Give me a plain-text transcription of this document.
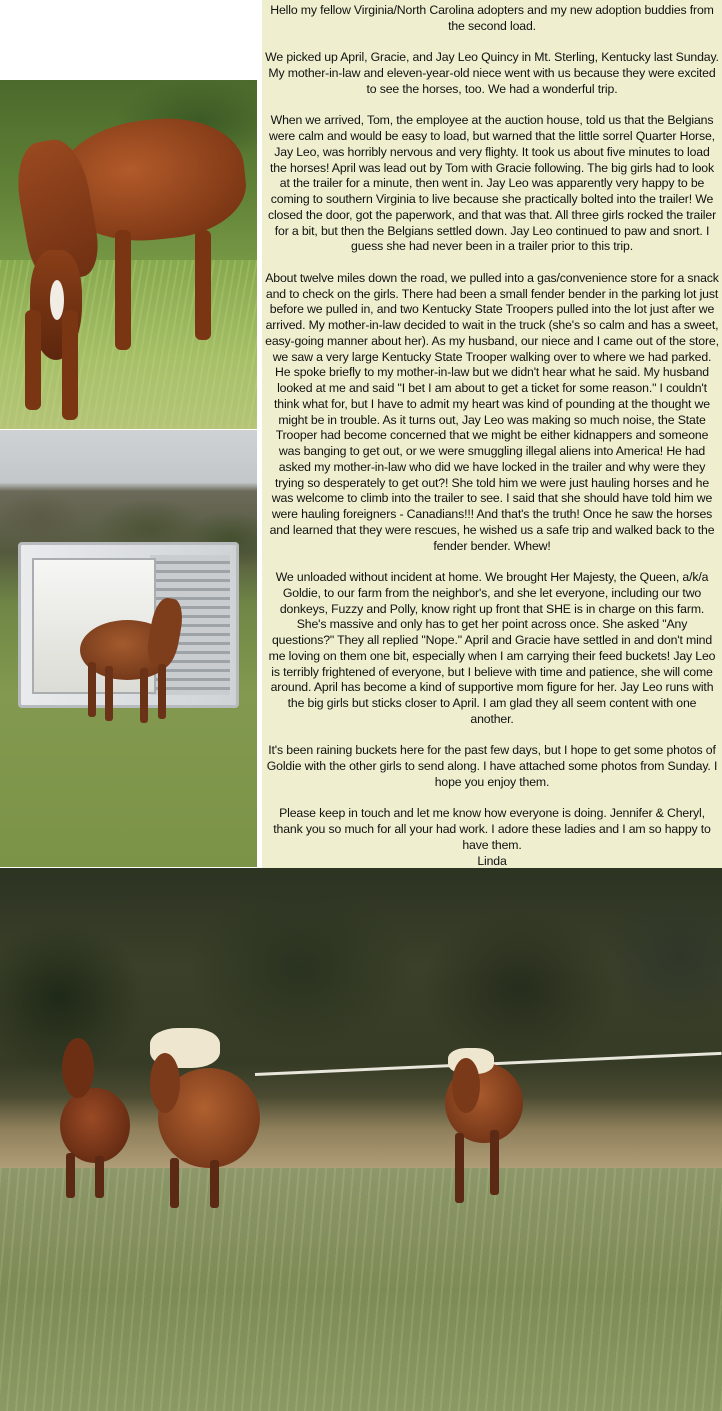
Hello my fellow Virginia/North Carolina adopters and my new adoption buddies from the second load.

We picked up April, Gracie, and Jay Leo Quincy in Mt. Sterling, Kentucky last Sunday. My mother-in-law and eleven-year-old niece went with us because they were excited to see the horses, too. We had a wonderful trip.

When we arrived, Tom, the employee at the auction house, told us that the Belgians were calm and would be easy to load, but warned that the little sorrel Quarter Horse, Jay Leo, was horribly nervous and very flighty. It took us about five minutes to load the horses! April was lead out by Tom with Gracie following. The big girls had to look at the trailer for a minute, then went in. Jay Leo was apparently very happy to be coming to southern Virginia to live because she practically bolted into the trailer! We closed the door, got the paperwork, and that was that. All three girls rocked the trailer for a bit, but then the Belgians settled down. Jay Leo continued to paw and snort. I guess she had never been in a trailer prior to this trip.

About twelve miles down the road, we pulled into a gas/convenience store for a snack and to check on the girls. There had been a small fender bender in the parking lot just before we pulled in, and two Kentucky State Troopers pulled into the lot just after we arrived. My mother-in-law decided to wait in the truck (she's so calm and has a sweet, easy-going manner about her). As my husband, our niece and I came out of the store, we saw a very large Kentucky State Trooper walking over to where we had parked. He spoke briefly to my mother-in-law but we didn't hear what he said. My husband looked at me and said "I bet I am about to get a ticket for some reason." I couldn't think what for, but I have to admit my heart was kind of pounding at the thought we might be in trouble. As it turns out, Jay Leo was making so much noise, the State Trooper had become concerned that we might be either kidnappers and someone was banging to get out, or we were smuggling illegal aliens into America! He had asked my mother-in-law who did we have locked in the trailer and why were they trying so desperately to get out?! She told him we were just hauling horses and he was welcome to climb into the trailer to see. I said that she should have told him we were hauling foreigners - Canadians!!! And that's the truth! Once he saw the horses and learned that they were rescues, he wished us a safe trip and walked back to the fender bender. Whew!

We unloaded without incident at home. We brought Her Majesty, the Queen, a/k/a Goldie, to our farm from the neighbor's, and she let everyone, including our two donkeys, Fuzzy and Polly, know right up front that SHE is in charge on this farm. She's massive and only has to get her point across once. She asked "Any questions?" They all replied "Nope." April and Gracie have settled in and don't mind me loving on them one bit, especially when I am carrying their feed buckets! Jay Leo is terribly frightened of everyone, but I believe with time and patience, she will come around. April has become a kind of supportive mom figure for her. Jay Leo runs with the big girls but sticks closer to April. I am glad they all seem content with one another.

It's been raining buckets here for the past few days, but I hope to get some photos of Goldie with the other girls to send along. I have attached some photos from Sunday. I hope you enjoy them.

Please keep in touch and let me know how everyone is doing. Jennifer & Cheryl, thank you so much for all your had work. I adore these ladies and I am so happy to have them.

Linda
